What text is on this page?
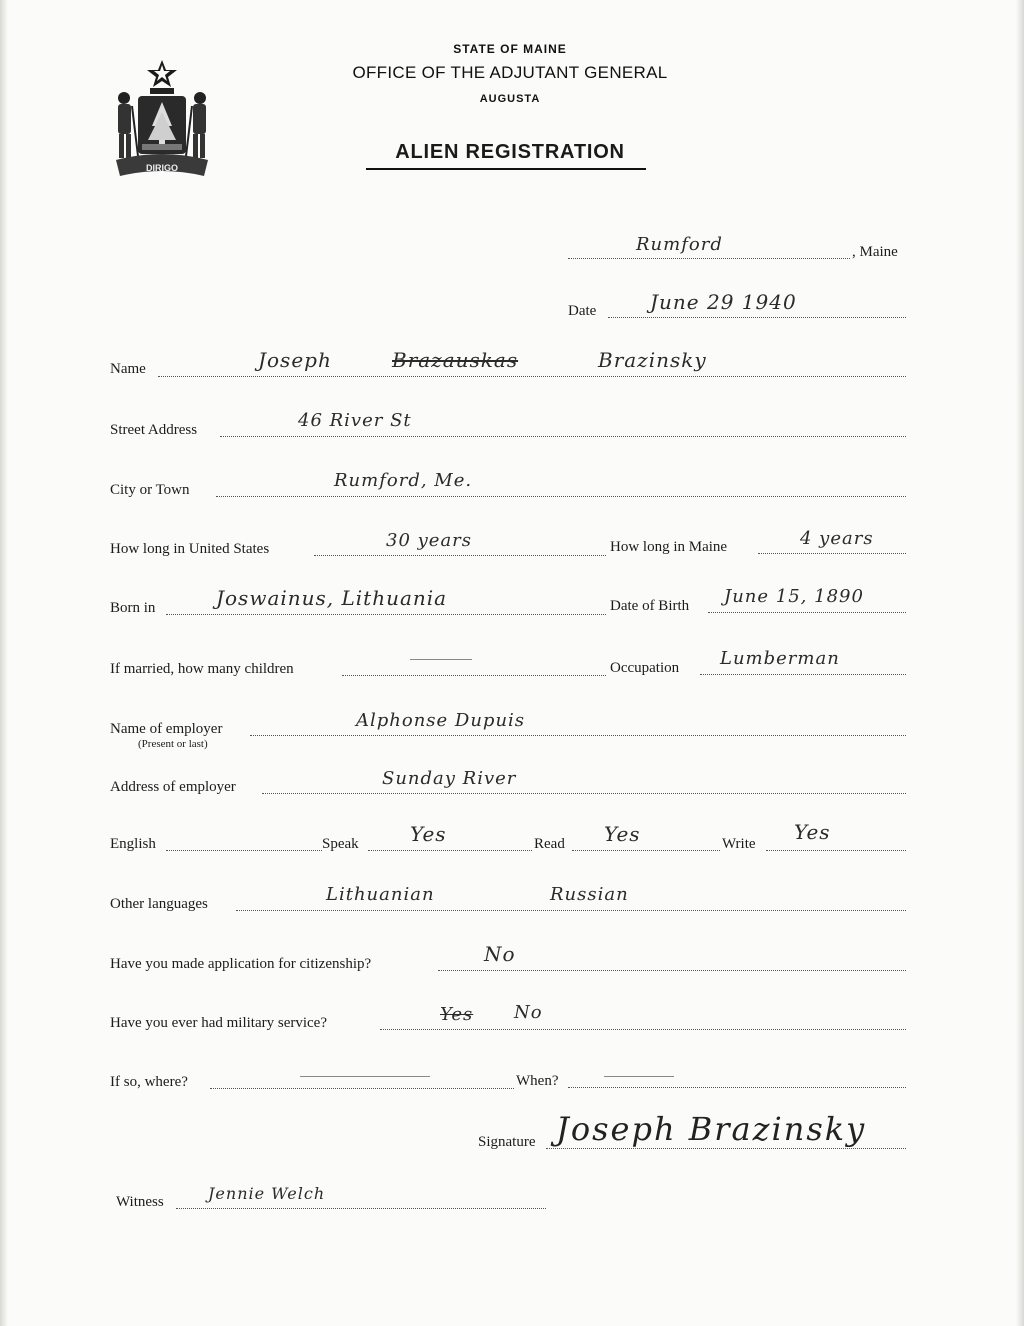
DIRIGO
STATE OF MAINE
OFFICE OF THE ADJUTANT GENERAL
AUGUSTA
ALIEN REGISTRATION
Rumford	, Maine
Date	June 29 1940
Name	Joseph	Brazauskas	Brazinsky
Street Address	46 River St
City or Town	Rumford, Me.
How long in United States	30 years	How long in Maine	4 years
Born in	Joswainus, Lithuania	Date of Birth June 15, 1890
If married, how many children	Occupation Lumberman
Name of employer
(Present or last)
Alphonse Dupuis
Address of employer	Sunday River
English	Speak	Yes	Read Yes	Write Yes
Other languages	Lithuanian	Russian
Have you made application for citizenship?	No
Have you ever had military service?	Yes No
If so, where?	When?
Signature Joseph Brazinsky
Witness	Jennie Welch
